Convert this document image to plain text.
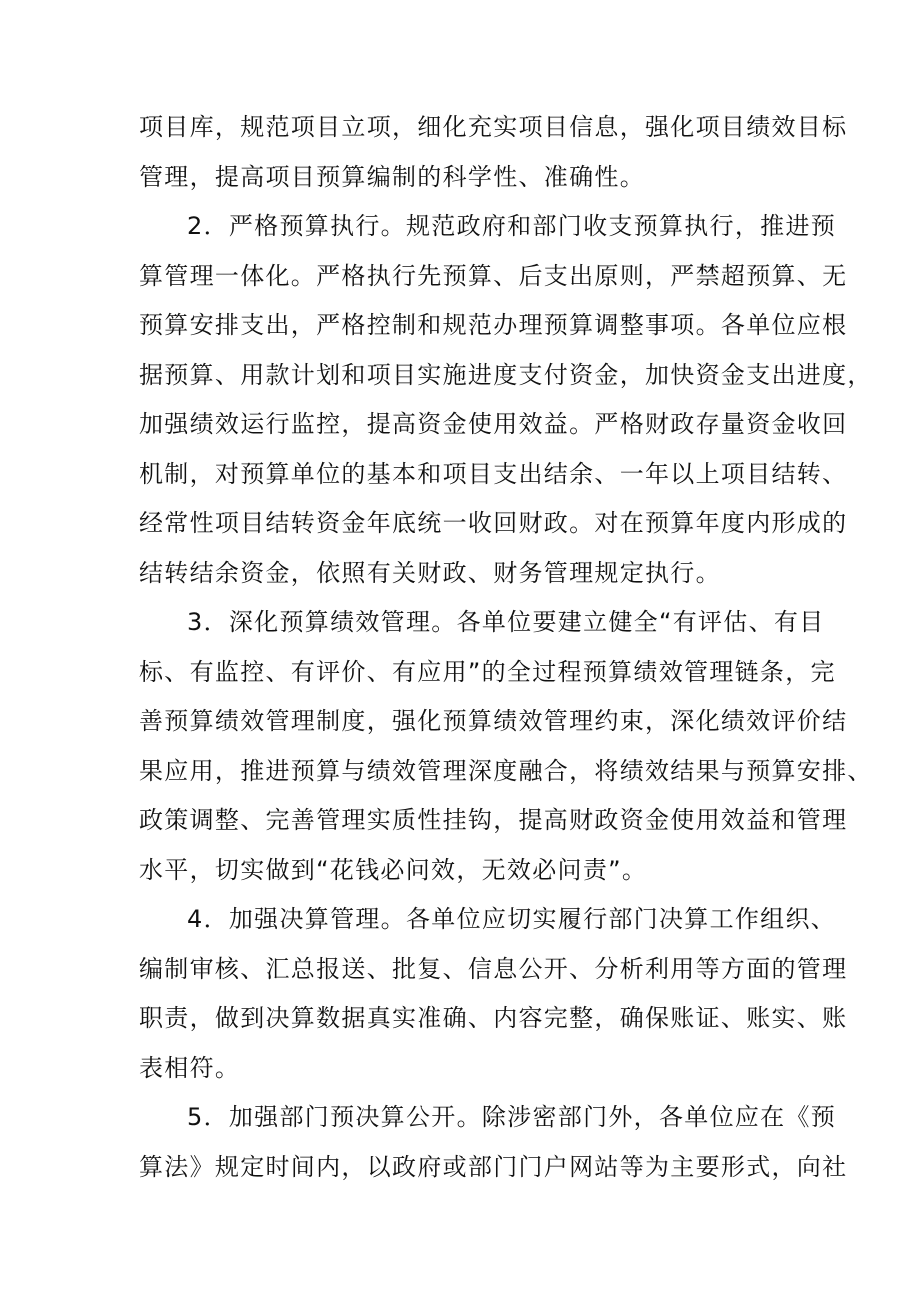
项目库，规范项目立项，细化充实项目信息，强化项目绩效目标
管理，提高项目预算编制的科学性、准确性。
2．严格预算执行。规范政府和部门收支预算执行，推进预
算管理一体化。严格执行先预算、后支出原则，严禁超预算、无
预算安排支出，严格控制和规范办理预算调整事项。各单位应根
据预算、用款计划和项目实施进度支付资金，加快资金支出进度，
加强绩效运行监控，提高资金使用效益。严格财政存量资金收回
机制，对预算单位的基本和项目支出结余、一年以上项目结转、
经常性项目结转资金年底统一收回财政。对在预算年度内形成的
结转结余资金，依照有关财政、财务管理规定执行。
3．深化预算绩效管理。各单位要建立健全“有评估、有目
标、有监控、有评价、有应用”的全过程预算绩效管理链条，完
善预算绩效管理制度，强化预算绩效管理约束，深化绩效评价结
果应用，推进预算与绩效管理深度融合，将绩效结果与预算安排、
政策调整、完善管理实质性挂钩，提高财政资金使用效益和管理
水平，切实做到“花钱必问效，无效必问责”。
4．加强决算管理。各单位应切实履行部门决算工作组织、
编制审核、汇总报送、批复、信息公开、分析利用等方面的管理
职责，做到决算数据真实准确、内容完整，确保账证、账实、账
表相符。
5．加强部门预决算公开。除涉密部门外，各单位应在《预
算法》规定时间内，以政府或部门门户网站等为主要形式，向社
